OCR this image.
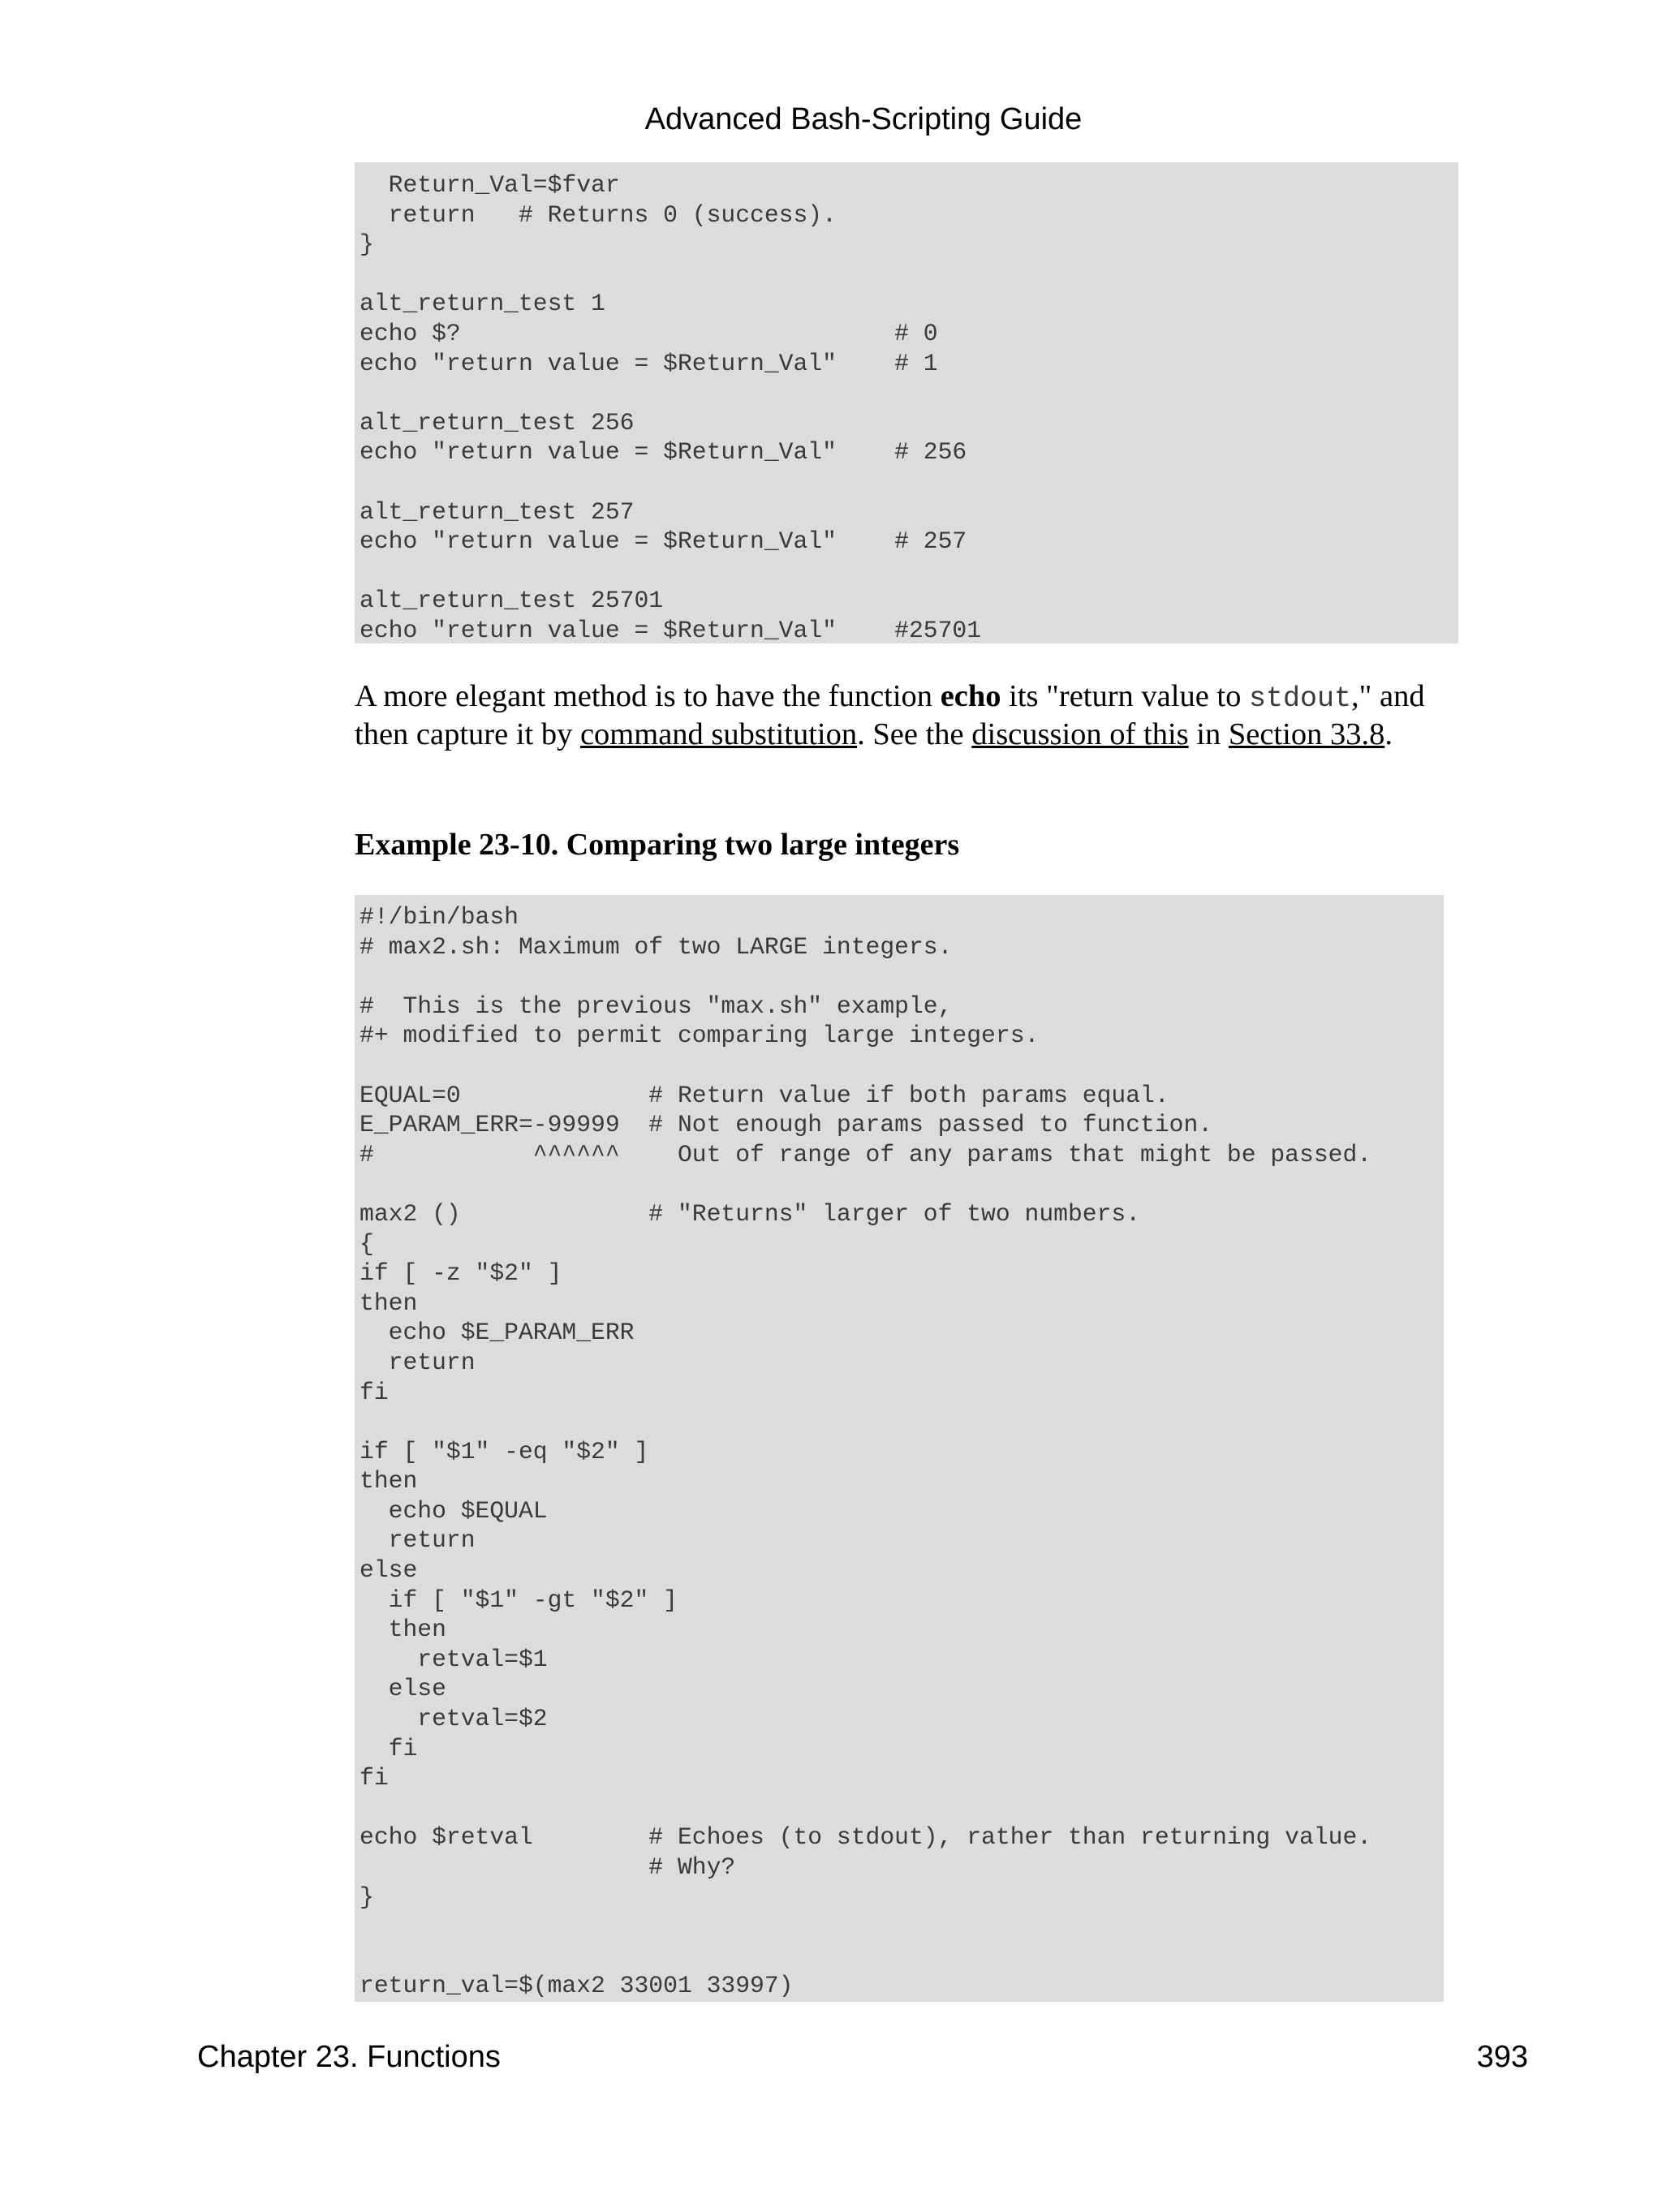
Advanced Bash-Scripting Guide
Return_Val=$fvar
return   # Returns 0 (success).
}
alt_return_test 1
echo $?                              # 0
echo "return value = $Return_Val"    # 1
alt_return_test 256
echo "return value = $Return_Val"    # 256
alt_return_test 257
echo "return value = $Return_Val"    # 257
alt_return_test 25701
echo "return value = $Return_Val"    #25701
A more elegant method is to have the function echo its "return value to stdout," and then capture it by command substitution. See the discussion of this in Section 33.8.
Example 23-10. Comparing two large integers
#!/bin/bash
# max2.sh: Maximum of two LARGE integers.
#  This is the previous "max.sh" example,
#+ modified to permit comparing large integers.
EQUAL=0             # Return value if both params equal.
E_PARAM_ERR=-99999  # Not enough params passed to function.
#           ^^^^^^    Out of range of any params that might be passed.
max2 ()             # "Returns" larger of two numbers.
{
if [ -z "$2" ]
then
echo $E_PARAM_ERR
return
fi
if [ "$1" -eq "$2" ]
then
echo $EQUAL
return
else
if [ "$1" -gt "$2" ]
then
retval=$1
else
retval=$2
fi
fi
echo $retval        # Echoes (to stdout), rather than returning value.
# Why?
}
return_val=$(max2 33001 33997)
Chapter 23. Functions	393
